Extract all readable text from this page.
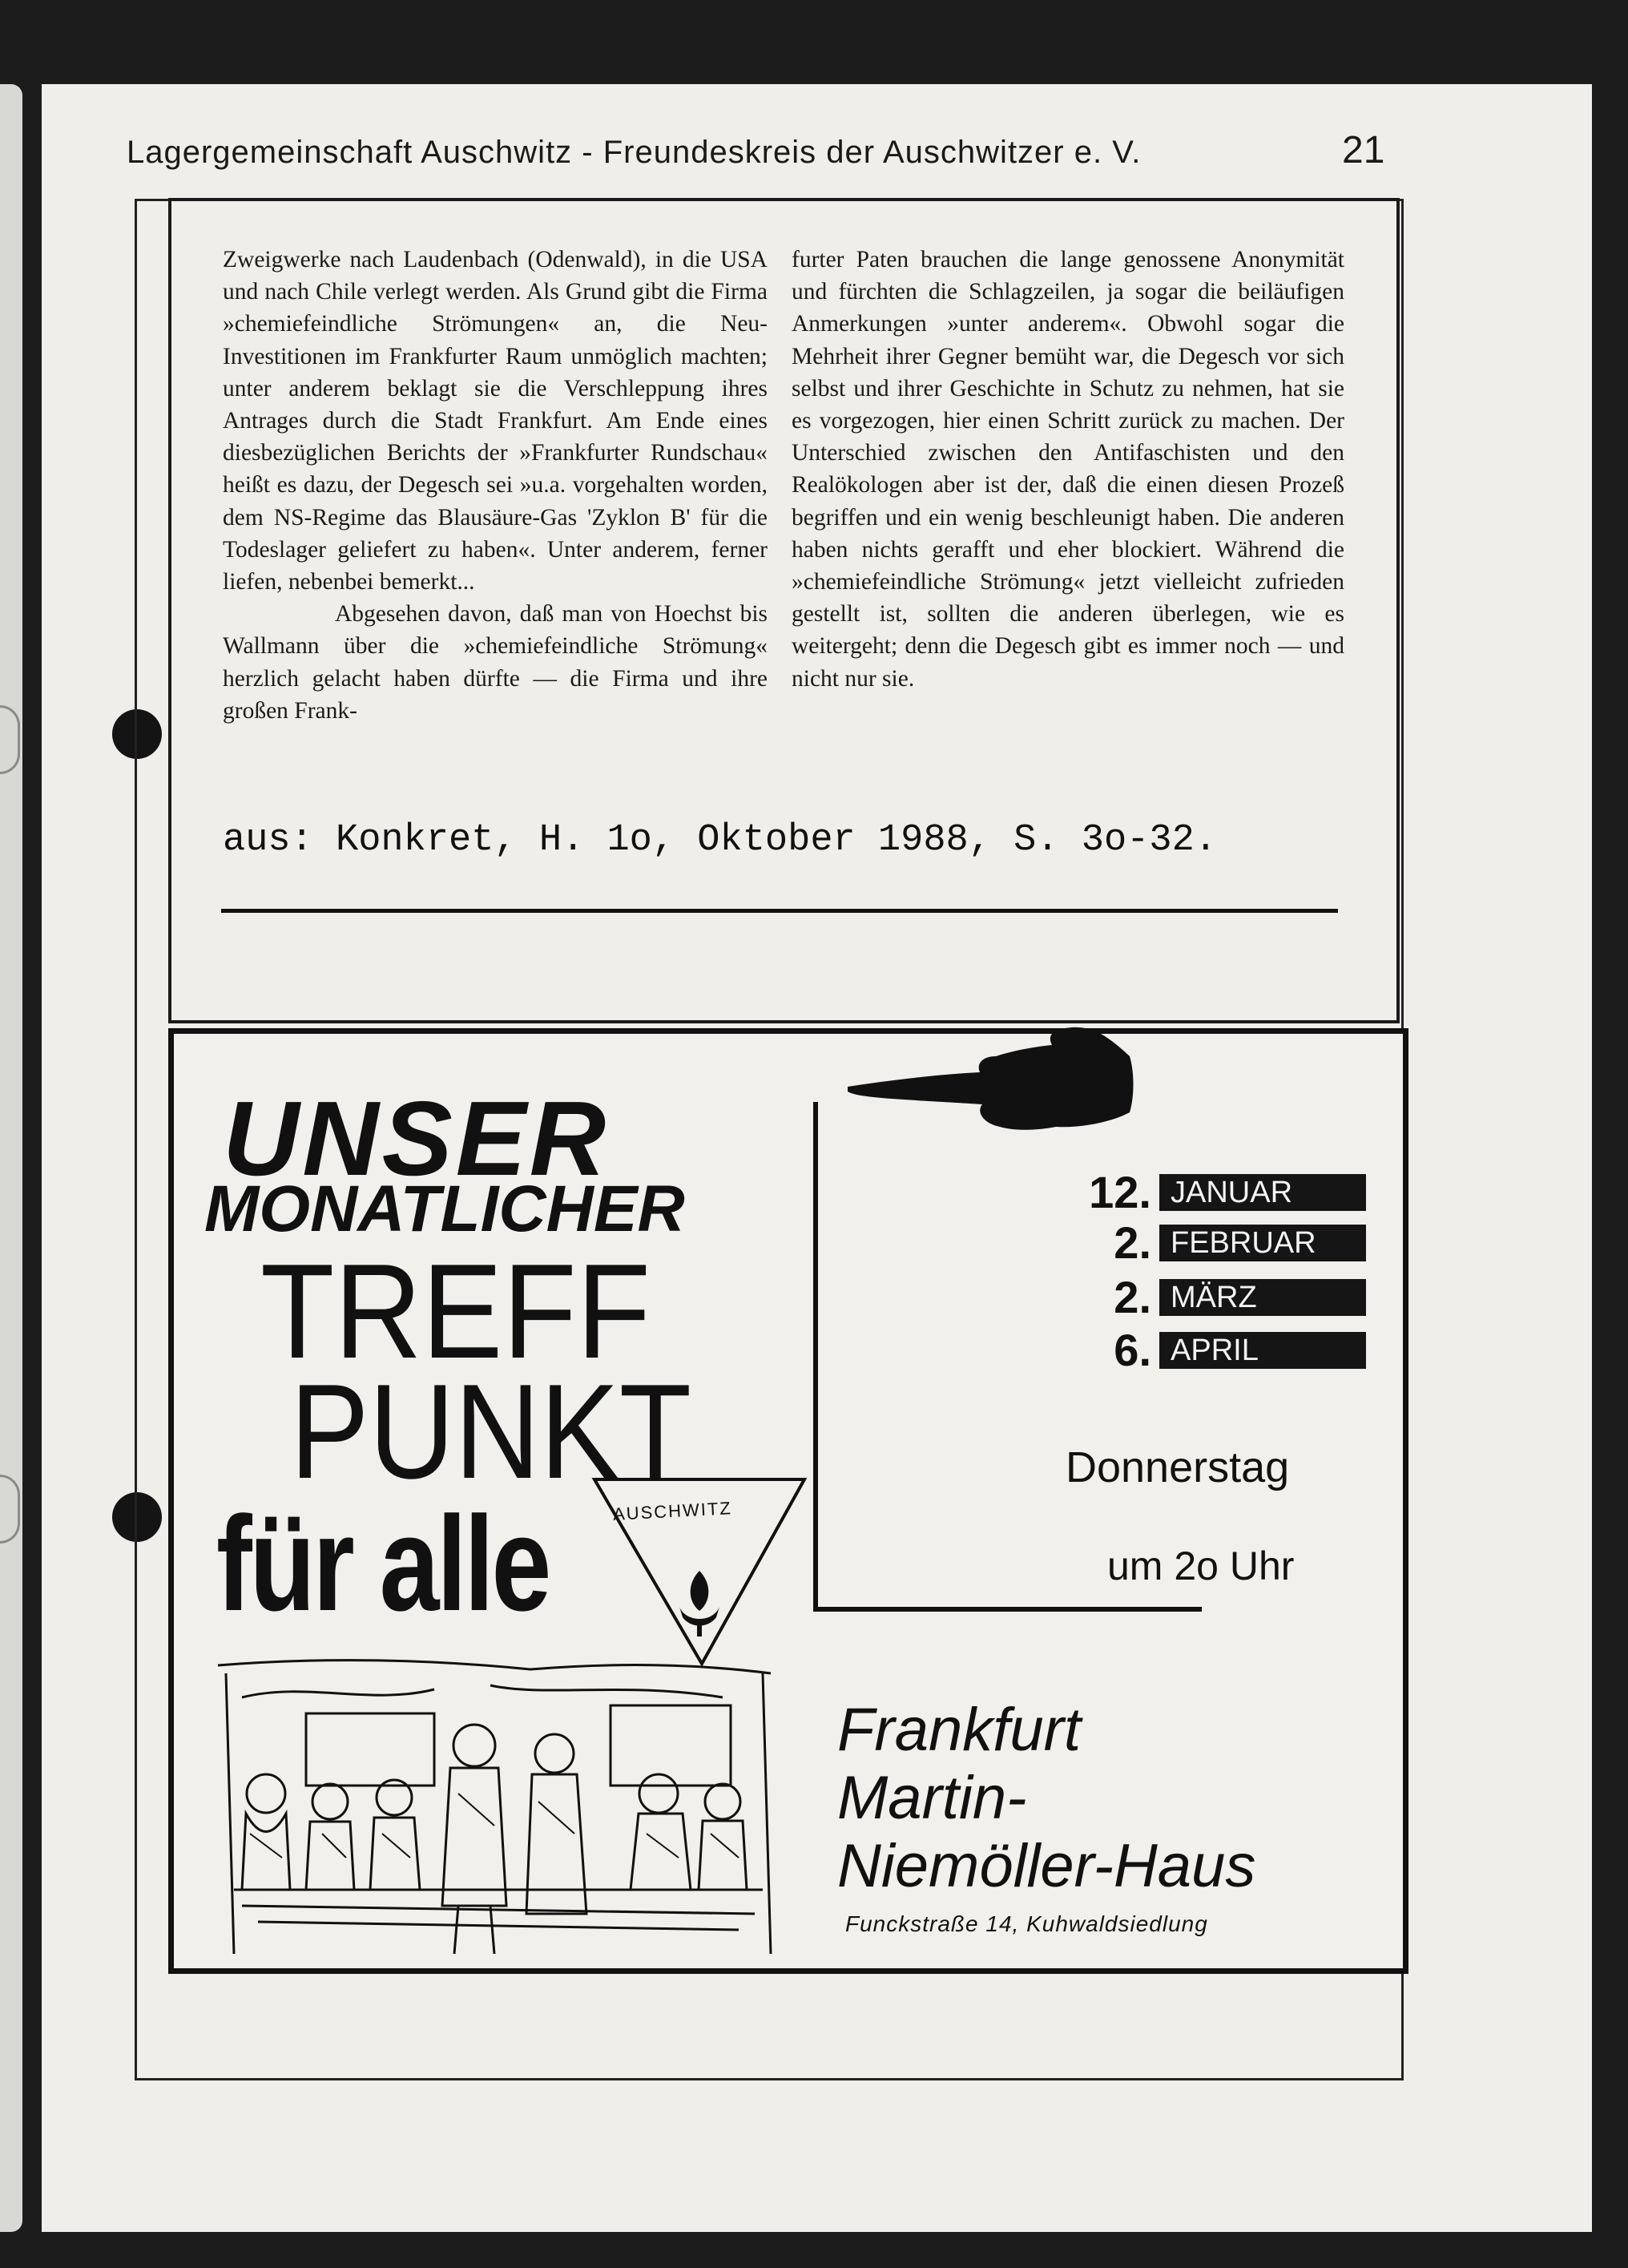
Lagergemeinschaft Auschwitz - Freundeskreis der Auschwitzer e. V.	21

Zweigwerke nach Laudenbach (Odenwald), in die USA und nach Chile verlegt werden. Als Grund gibt die Firma »chemiefeindliche Strömungen« an, die Neu-Investitionen im Frankfurter Raum unmöglich machten; unter anderem beklagt sie die Verschleppung ihres Antrages durch die Stadt Frankfurt. Am Ende eines diesbezüglichen Berichts der »Frankfurter Rundschau« heißt es dazu, der Degesch sei »u.a. vorgehalten worden, dem NS-Regime das Blausäure-Gas 'Zyklon B' für die Todeslager geliefert zu haben«. Unter anderem, ferner liefen, nebenbei bemerkt...

Abgesehen davon, daß man von Hoechst bis Wallmann über die »chemiefeindliche Strömung« herzlich gelacht haben dürfte — die Firma und ihre großen Frank-

furter Paten brauchen die lange genossene Anonymität und fürchten die Schlagzeilen, ja sogar die beiläufigen Anmerkungen »unter anderem«. Obwohl sogar die Mehrheit ihrer Gegner bemüht war, die Degesch vor sich selbst und ihrer Geschichte in Schutz zu nehmen, hat sie es vorgezogen, hier einen Schritt zurück zu machen. Der Unterschied zwischen den Antifaschisten und den Realökologen aber ist der, daß die einen diesen Prozeß begriffen und ein wenig beschleunigt haben. Die anderen haben nichts gerafft und eher blockiert. Während die »chemiefeindliche Strömung« jetzt vielleicht zufrieden gestellt ist, sollten die anderen überlegen, wie es weitergeht; denn die Degesch gibt es immer noch — und nicht nur sie.

aus: Konkret, H. 1o, Oktober 1988, S. 3o-32.
UNSER
MONATLICHER
TREFF
PUNKT
für alle	AUSCHWITZ
12. JANUAR
2. FEBRUAR
2. MÄRZ
6. APRIL
Donnerstag
um 2o Uhr
Frankfurt
Martin-
Niemöller-Haus
Funckstraße 14, Kuhwaldsiedlung
